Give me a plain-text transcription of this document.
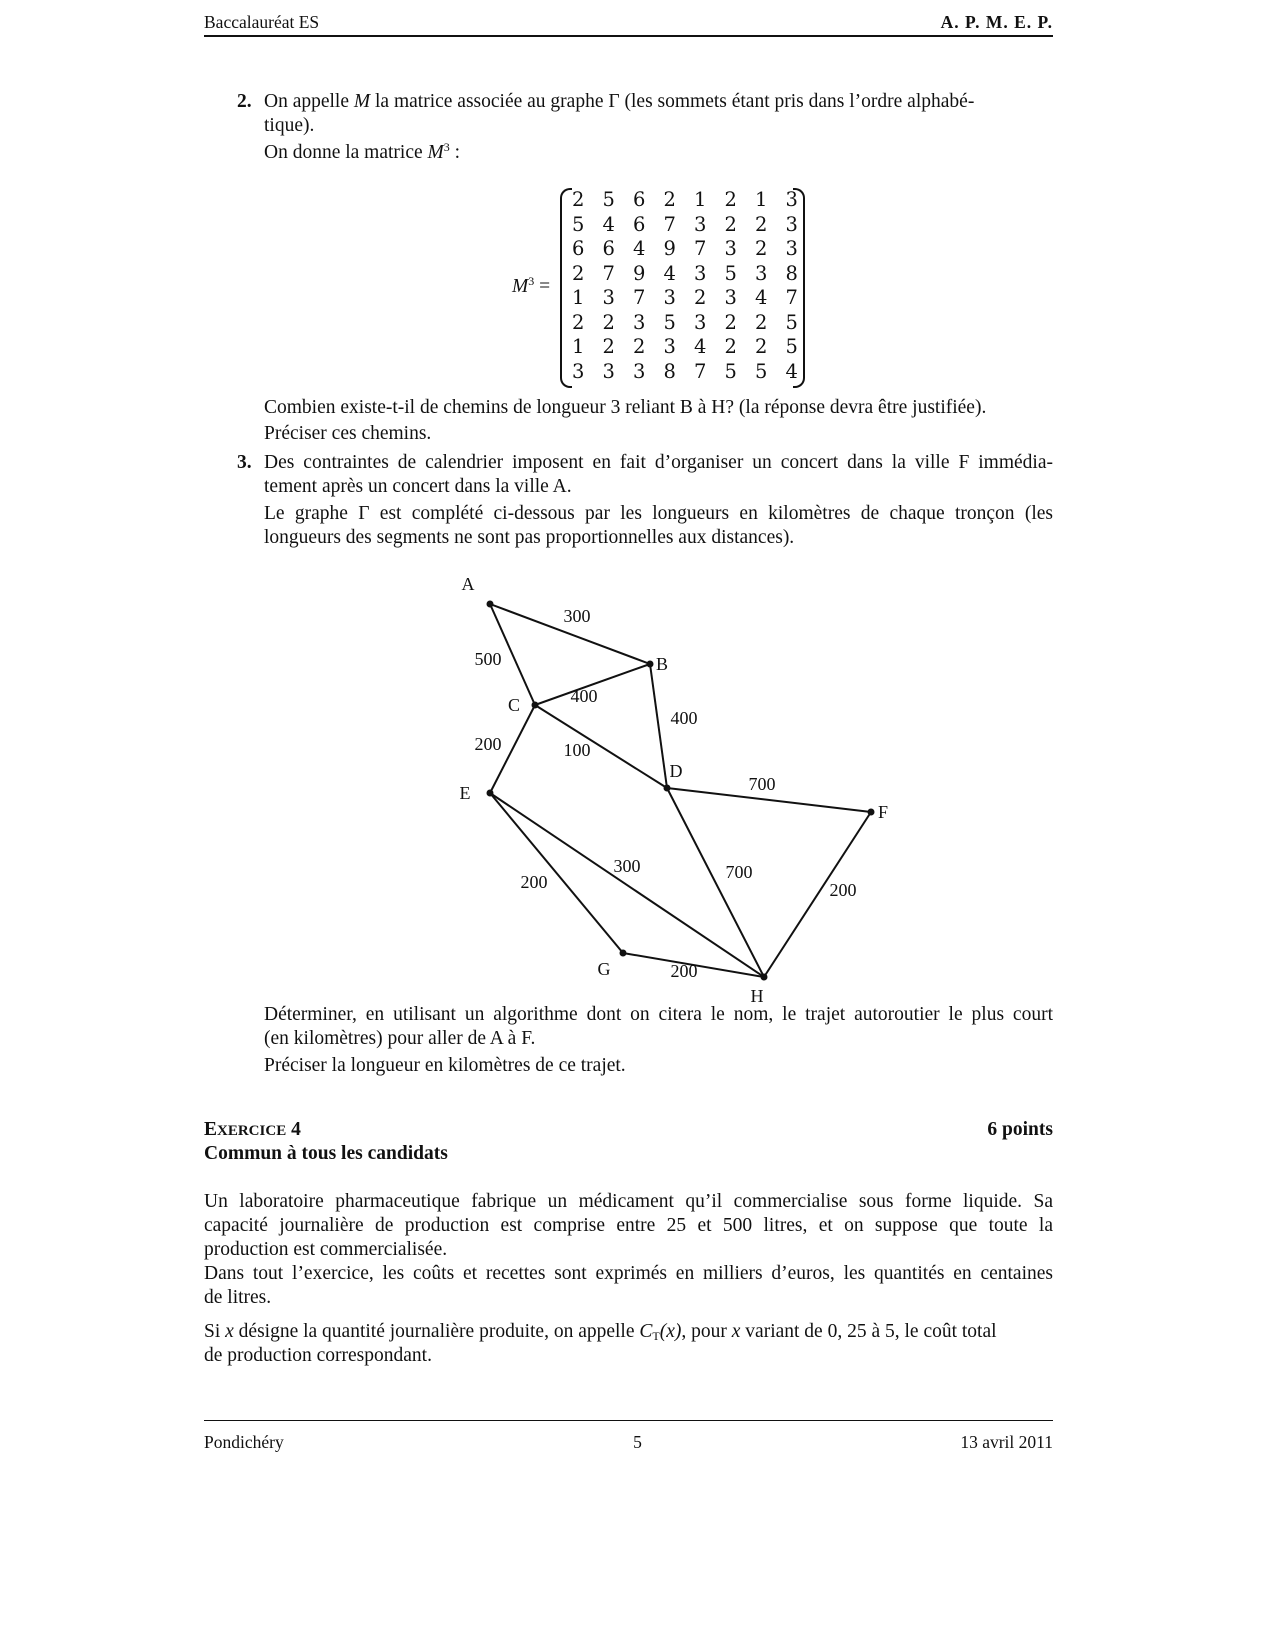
Baccalauréat ES	A. P. M. E. P.
2. On appelle M la matrice associée au graphe Γ (les sommets étant pris dans l’ordre alphabé-
tique).
On donne la matrice $M^3$ :
$M^3$ =
2 5 6 2 1 2 1 3
5 4 6 7 3 2 2 3
6 6 4 9 7 3 2 3
2 7 9 4 3 5 3 8
1 3 7 3 2 3 4 7
2 2 3 5 3 2 2 5
1 2 2 3 4 2 2 5
3 3 3 8 7 5 5 4
Combien existe-t-il de chemins de longueur 3 reliant B à H? (la réponse devra être justifiée).
Préciser ces chemins.
3. Des contraintes de calendrier imposent en fait d’organiser un concert dans la ville F immédia-
tement après un concert dans la ville A.
Le graphe Γ est complété ci-dessous par les longueurs en kilomètres de chaque tronçon (les
longueurs des segments ne sont pas proportionnelles aux distances).
300
500
400
400
200	100
700
300	700
200	200
200
A
B
C
D
E
F
G
H
Déterminer, en utilisant un algorithme dont on citera le nom, le trajet autoroutier le plus court
(en kilomètres) pour aller de A à F.
Préciser la longueur en kilomètres de ce trajet.
EXERCICE 4	6 points
Commun à tous les candidats
Un laboratoire pharmaceutique fabrique un médicament qu’il commercialise sous forme liquide. Sa
capacité journalière de production est comprise entre 25 et 500 litres, et on suppose que toute la
production est commercialisée.
Dans tout l’exercice, les coûts et recettes sont exprimés en milliers d’euros, les quantités en centaines
de litres.
Si x désigne la quantité journalière produite, on appelle $C_T(x)$, pour x variant de 0, 25 à 5, le coût total
de production correspondant.
Pondichéry	5	13 avril 2011
